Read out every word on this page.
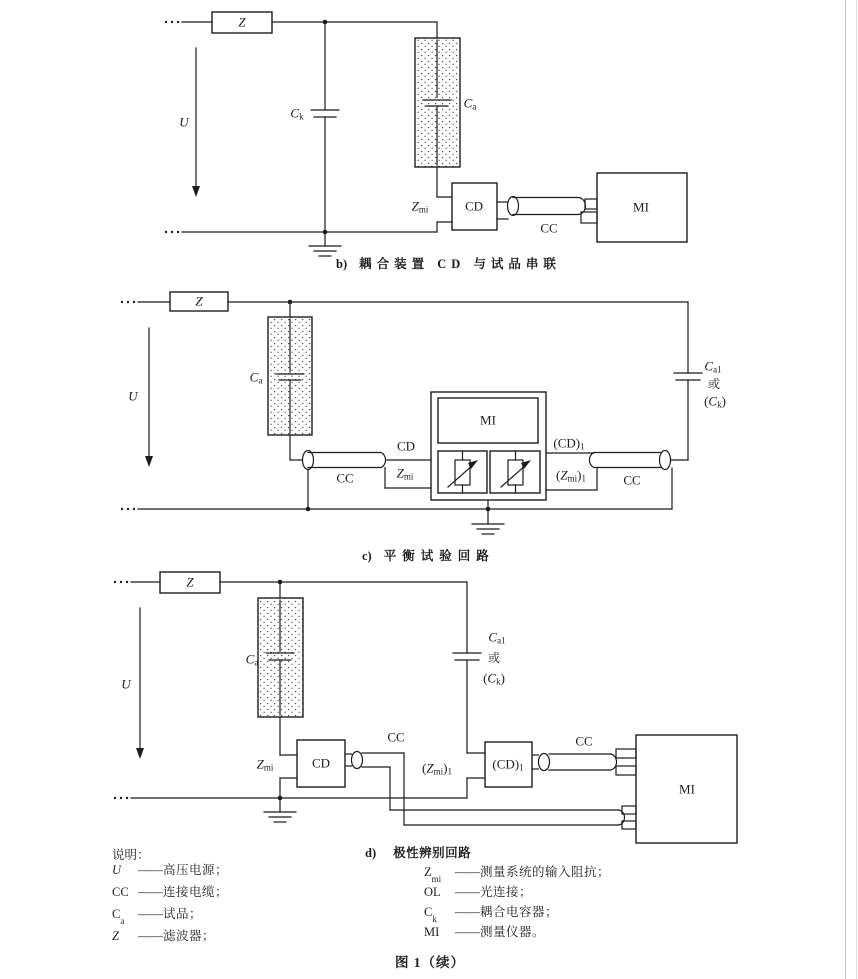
Z
U
$C_k$
$C_a$
$Z_{mi}$	CD
CC
MI
b) 耦合装置 CD 与试品串联
Z
U
$C_a$
CC
CD
$Z_{mi}$
MI
$(CD)_1$
$(Z_{mi})_1$	CC
$C_{a1}$
或
$(C_k)$
c) 平衡试验回路
Z
U
$C_a$
$Z_{mi}$	CD
CC
$(Z_{mi})_1$	$(CD)_1$
CC
MI
$C_{a1}$
或
$(C_k)$
d) 极性辨别回路
说明：
U	—— 高压电源；
CC —— 连接电缆；
$C_a$	—— 试品；
Z	—— 滤波器；
$Z_{mi}$	—— 测量系统的输入阻抗；
OL	—— 光连接；
$C_k$	—— 耦合电容器；
MI	—— 测量仪器。
图 1（续）
